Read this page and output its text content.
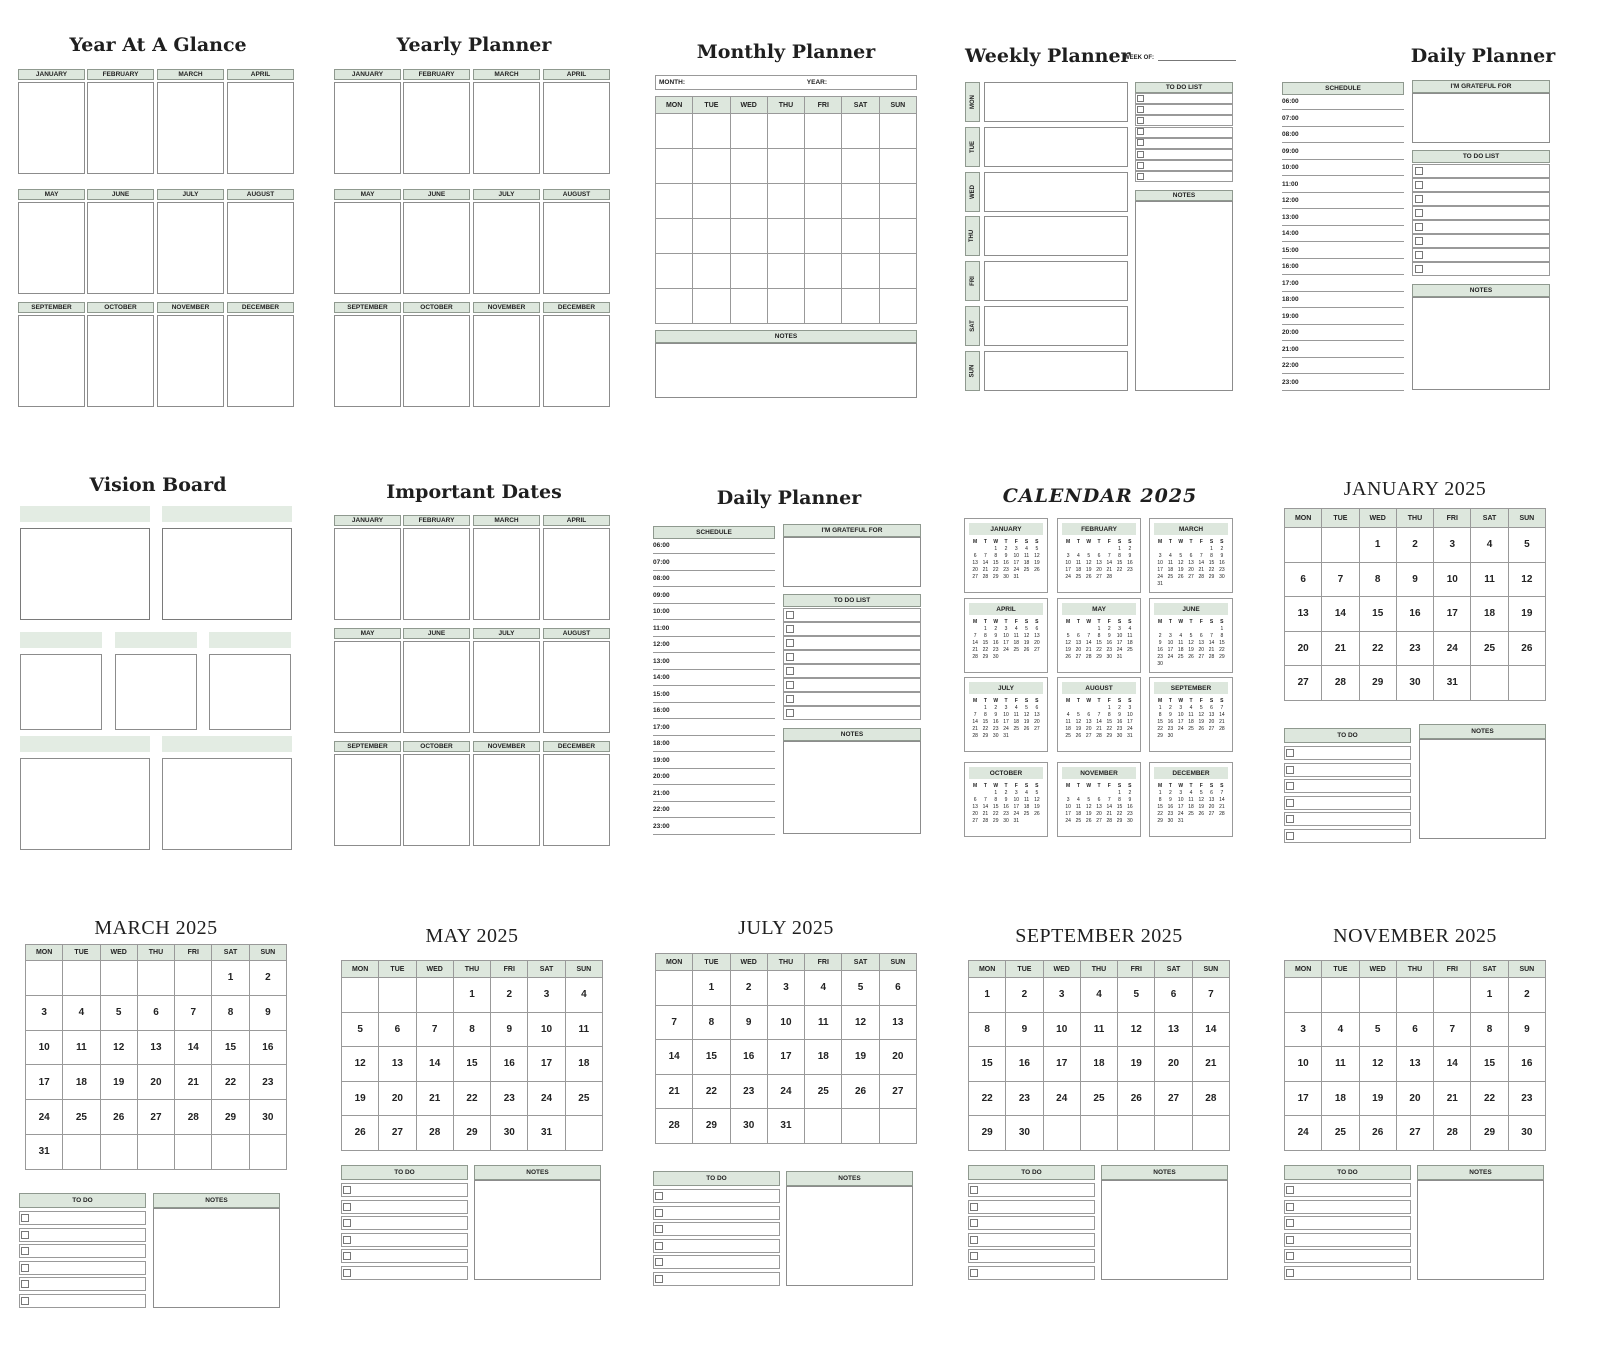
Year At A Glance
JANUARY	FEBRUARY	MARCH	APRIL
MAY	JUNE	JULY	AUGUST
SEPTEMBER	OCTOBER	NOVEMBER	DECEMBER
Yearly Planner
JANUARY	FEBRUARY	MARCH	APRIL
MAY	JUNE	JULY	AUGUST
SEPTEMBER	OCTOBER	NOVEMBER	DECEMBER
Monthly Planner
MONTH:	YEAR:
MON	TUE	WED	THU	FRI	SAT	SUN

NOTES
Weekly Planner
WEEK OF:
MON
TUE
WED
THU
FRI
SAT
SUN
TO DO LIST
NOTES
Daily Planner
SCHEDULE
06:00
07:00
08:00
09:00
10:00
11:00
12:00
13:00
14:00
15:00
16:00
17:00
18:00
19:00
20:00
21:00
22:00
23:00
I'M GRATEFUL FOR
TO DO LIST
NOTES
Vision Board	Important Dates
JANUARY	FEBRUARY	MARCH	APRIL
MAY	JUNE	JULY	AUGUST
SEPTEMBER	OCTOBER	NOVEMBER	DECEMBER
Daily Planner
SCHEDULE
06:00
07:00
08:00
09:00
10:00
11:00
12:00
13:00
14:00
15:00
16:00
17:00
18:00
19:00
20:00
21:00
22:00
23:00
I'M GRATEFUL FOR
TO DO LIST
NOTES
CALENDAR 2025
JANUARY
M	T	W	T	F	S	S
		1	2	3	4	5
6	7	8	9	10	11	12
13	14	15	16	17	18	19
20	21	22	23	24	25	26
27	28	29	30	31		
FEBRUARY
M	T	W	T	F	S	S
					1	2
3	4	5	6	7	8	9
10	11	12	13	14	15	16
17	18	19	20	21	22	23
24	25	26	27	28		
MARCH
M	T	W	T	F	S	S
					1	2
3	4	5	6	7	8	9
10	11	12	13	14	15	16
17	18	19	20	21	22	23
24	25	26	27	28	29	30
31						
APRIL
M	T	W	T	F	S	S
	1	2	3	4	5	6
7	8	9	10	11	12	13
14	15	16	17	18	19	20
21	22	23	24	25	26	27
28	29	30				
MAY
M	T	W	T	F	S	S
			1	2	3	4
5	6	7	8	9	10	11
12	13	14	15	16	17	18
19	20	21	22	23	24	25
26	27	28	29	30	31	
JUNE
M	T	W	T	F	S	S
						1
2	3	4	5	6	7	8
9	10	11	12	13	14	15
16	17	18	19	20	21	22
23	24	25	26	27	28	29
30						
JULY
M	T	W	T	F	S	S
	1	2	3	4	5	6
7	8	9	10	11	12	13
14	15	16	17	18	19	20
21	22	23	24	25	26	27
28	29	30	31			
AUGUST
M	T	W	T	F	S	S
				1	2	3
4	5	6	7	8	9	10
11	12	13	14	15	16	17
18	19	20	21	22	23	24
25	26	27	28	29	30	31
SEPTEMBER
M	T	W	T	F	S	S
1	2	3	4	5	6	7
8	9	10	11	12	13	14
15	16	17	18	19	20	21
22	23	24	25	26	27	28
29	30					
OCTOBER
M	T	W	T	F	S	S
		1	2	3	4	5
6	7	8	9	10	11	12
13	14	15	16	17	18	19
20	21	22	23	24	25	26
27	28	29	30	31		
NOVEMBER
M	T	W	T	F	S	S
					1	2
3	4	5	6	7	8	9
10	11	12	13	14	15	16
17	18	19	20	21	22	23
24	25	26	27	28	29	30
DECEMBER
M	T	W	T	F	S	S
1	2	3	4	5	6	7
8	9	10	11	12	13	14
15	16	17	18	19	20	21
22	23	24	25	26	27	28
29	30	31				
JANUARY 2025
MON	TUE	WED	THU	FRI	SAT	SUN
		1	2	3	4	5
6	7	8	9	10	11	12
13	14	15	16	17	18	19
20	21	22	23	24	25	26
27	28	29	30	31		
TO DO
NOTES
MARCH 2025
MON	TUE	WED	THU	FRI	SAT	SUN
					1	2
3	4	5	6	7	8	9
10	11	12	13	14	15	16
17	18	19	20	21	22	23
24	25	26	27	28	29	30
31						
TO DO	NOTES
MAY 2025
MON	TUE	WED	THU	FRI	SAT	SUN
			1	2	3	4
5	6	7	8	9	10	11
12	13	14	15	16	17	18
19	20	21	22	23	24	25
26	27	28	29	30	31	
TO DO	NOTES
JULY 2025
MON	TUE	WED	THU	FRI	SAT	SUN
	1	2	3	4	5	6
7	8	9	10	11	12	13
14	15	16	17	18	19	20
21	22	23	24	25	26	27
28	29	30	31			
TO DO	NOTES
SEPTEMBER 2025
MON	TUE	WED	THU	FRI	SAT	SUN
1	2	3	4	5	6	7
8	9	10	11	12	13	14
15	16	17	18	19	20	21
22	23	24	25	26	27	28
29	30					
TO DO	NOTES
NOVEMBER 2025
MON	TUE	WED	THU	FRI	SAT	SUN
					1	2
3	4	5	6	7	8	9
10	11	12	13	14	15	16
17	18	19	20	21	22	23
24	25	26	27	28	29	30
TO DO	NOTES
